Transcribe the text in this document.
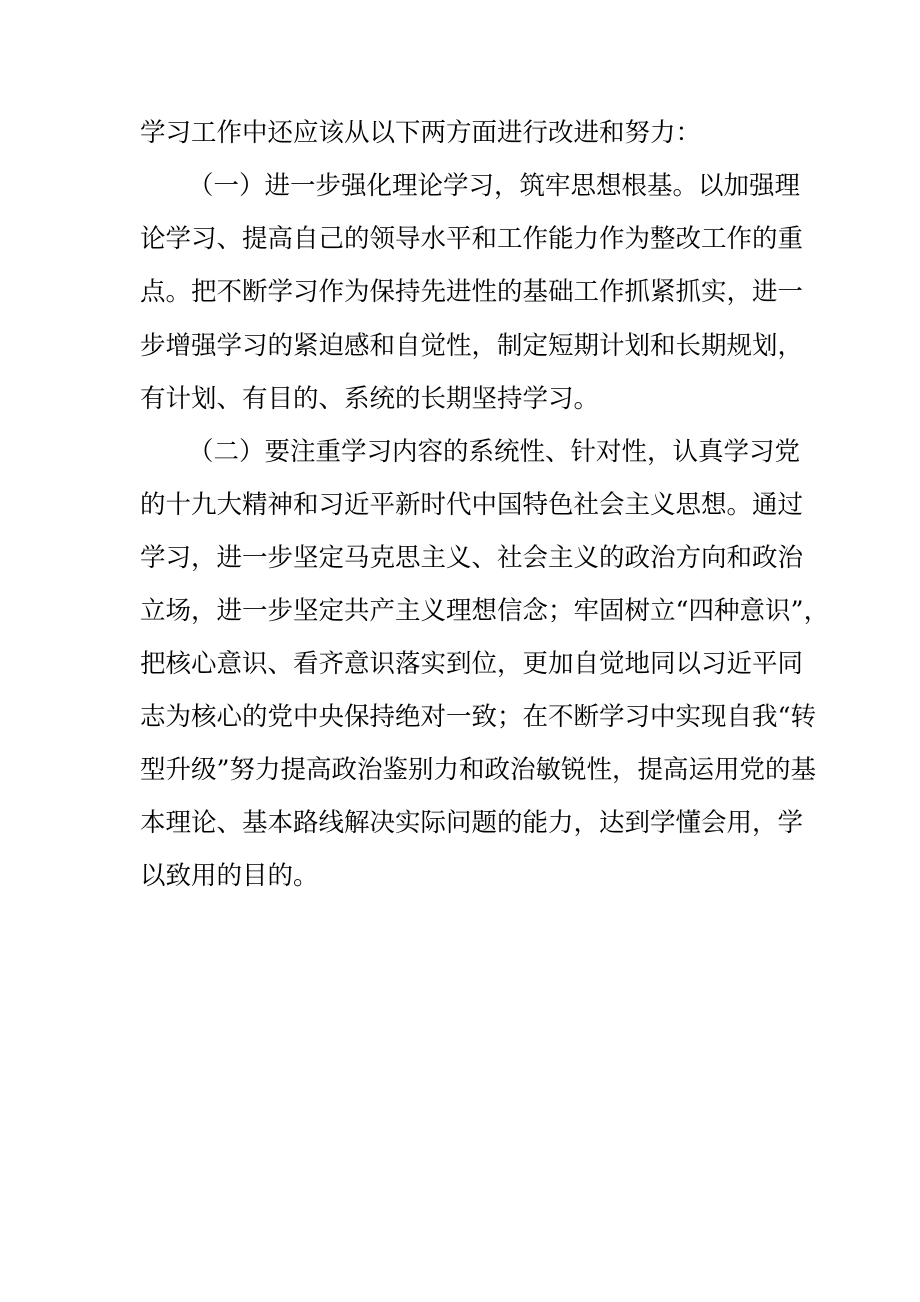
学习工作中还应该从以下两方面进行改进和努力：
（一）进一步强化理论学习，筑牢思想根基。以加强理
论学习、提高自己的领导水平和工作能力作为整改工作的重
点。把不断学习作为保持先进性的基础工作抓紧抓实，进一
步增强学习的紧迫感和自觉性，制定短期计划和长期规划，
有计划、有目的、系统的长期坚持学习。
（二）要注重学习内容的系统性、针对性，认真学习党
的十九大精神和习近平新时代中国特色社会主义思想。通过
学习，进一步坚定马克思主义、社会主义的政治方向和政治
立场，进一步坚定共产主义理想信念；牢固树立“四种意识”，
把核心意识、看齐意识落实到位，更加自觉地同以习近平同
志为核心的党中央保持绝对一致；在不断学习中实现自我“转
型升级”努力提高政治鉴别力和政治敏锐性，提高运用党的基
本理论、基本路线解决实际问题的能力，达到学懂会用，学
以致用的目的。
